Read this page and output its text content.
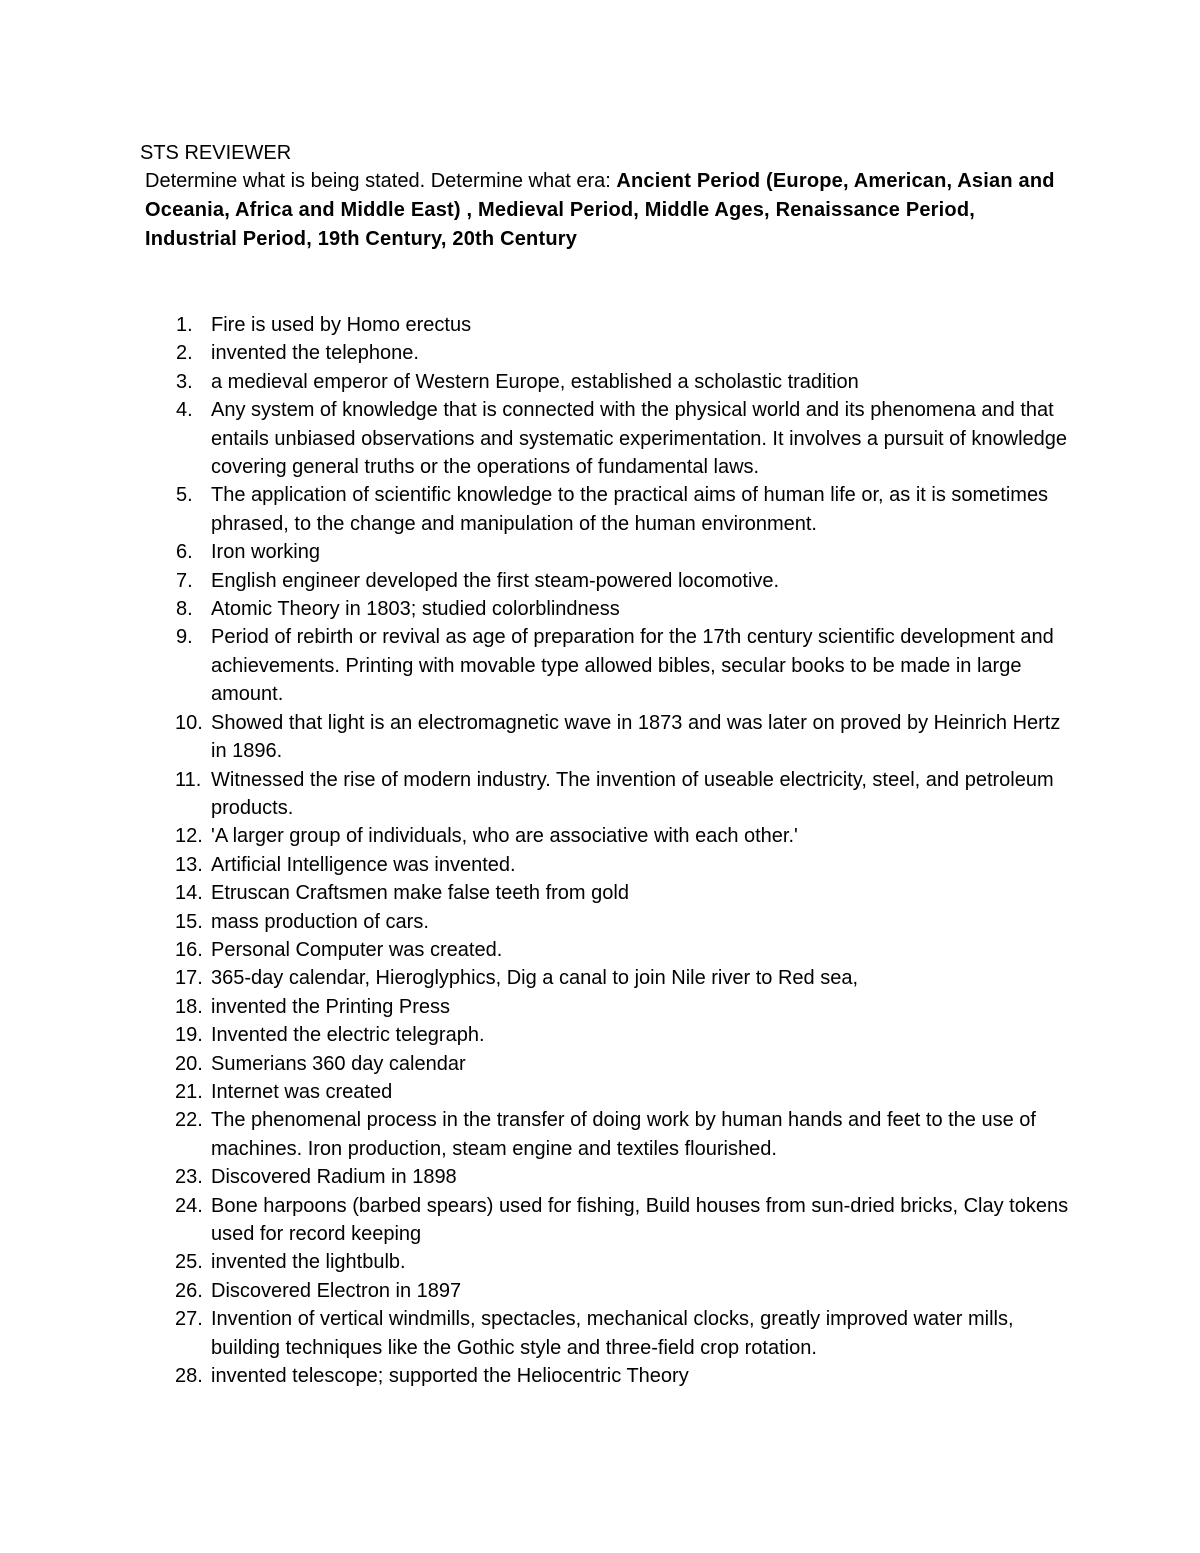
STS REVIEWER

Determine what is being stated. Determine what era: Ancient Period (Europe, American, Asian and Oceania, Africa and Middle East) , Medieval Period, Middle Ages, Renaissance Period, Industrial Period, 19th Century, 20th Century

1. Fire is used by Homo erectus
2. invented the telephone.
3. a medieval emperor of Western Europe, established a scholastic tradition
4. Any system of knowledge that is connected with the physical world and its phenomena and that entails unbiased observations and systematic experimentation. It involves a pursuit of knowledge covering general truths or the operations of fundamental laws.
5. The application of scientific knowledge to the practical aims of human life or, as it is sometimes phrased, to the change and manipulation of the human environment.
6. Iron working
7. English engineer developed the first steam-powered locomotive.
8. Atomic Theory in 1803; studied colorblindness
9. Period of rebirth or revival as age of preparation for the 17th century scientific development and achievements. Printing with movable type allowed bibles, secular books to be made in large amount.
10. Showed that light is an electromagnetic wave in 1873 and was later on proved by Heinrich Hertz in 1896.
11. Witnessed the rise of modern industry. The invention of useable electricity, steel, and petroleum products.
12. 'A larger group of individuals, who are associative with each other.'
13. Artificial Intelligence was invented.
14. Etruscan Craftsmen make false teeth from gold
15. mass production of cars.
16. Personal Computer was created.
17. 365-day calendar, Hieroglyphics, Dig a canal to join Nile river to Red sea,
18. invented the Printing Press
19. Invented the electric telegraph.
20. Sumerians 360 day calendar
21. Internet was created
22. The phenomenal process in the transfer of doing work by human hands and feet to the use of machines. Iron production, steam engine and textiles flourished.
23. Discovered Radium in 1898
24. Bone harpoons (barbed spears) used for fishing, Build houses from sun-dried bricks, Clay tokens used for record keeping
25. invented the lightbulb.
26. Discovered Electron in 1897
27. Invention of vertical windmills, spectacles, mechanical clocks, greatly improved water mills, building techniques like the Gothic style and three-field crop rotation.
28. invented telescope; supported the Heliocentric Theory
